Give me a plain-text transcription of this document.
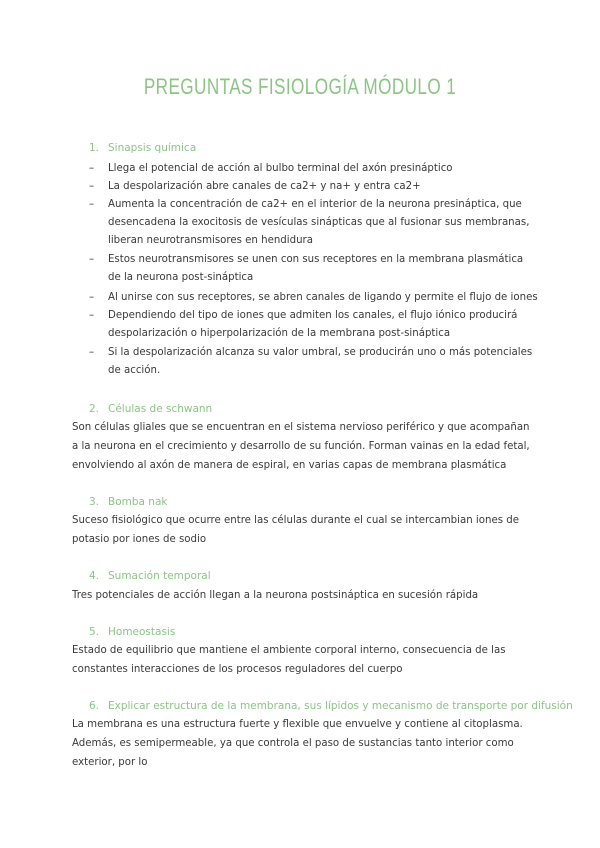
PREGUNTAS FISIOLOGÍA MÓDULO 1
1. Sinapsis química
– Llega el potencial de acción al bulbo terminal del axón presináptico
– La despolarización abre canales de ca2+ y na+ y entra ca2+
– Aumenta la concentración de ca2+ en el interior de la neurona presináptica, que desencadena la exocitosis de vesículas sinápticas que al fusionar sus membranas, liberan neurotransmisores en hendidura
– Estos neurotransmisores se unen con sus receptores en la membrana plasmática de la neurona post-sináptica
– Al unirse con sus receptores, se abren canales de ligando y permite el flujo de iones
– Dependiendo del tipo de iones que admiten los canales, el flujo iónico producirá despolarización o hiperpolarización de la membrana post-sináptica
– Si la despolarización alcanza su valor umbral, se producirán uno o más potenciales de acción.
2. Células de schwann
Son células gliales que se encuentran en el sistema nervioso periférico y que acompañan a la neurona en el crecimiento y desarrollo de su función. Forman vainas en la edad fetal, envolviendo al axón de manera de espiral, en varias capas de membrana plasmática
3. Bomba nak
Suceso fisiológico que ocurre entre las células durante el cual se intercambian iones de potasio por iones de sodio
4. Sumación temporal
Tres potenciales de acción llegan a la neurona postsináptica en sucesión rápida
5. Homeostasis
Estado de equilibrio que mantiene el ambiente corporal interno, consecuencia de las constantes interacciones de los procesos reguladores del cuerpo
6. Explicar estructura de la membrana, sus lípidos y mecanismo de transporte por difusión
La membrana es una estructura fuerte y flexible que envuelve y contiene al citoplasma. Además, es semipermeable, ya que controla el paso de sustancias tanto interior como exterior, por lo
